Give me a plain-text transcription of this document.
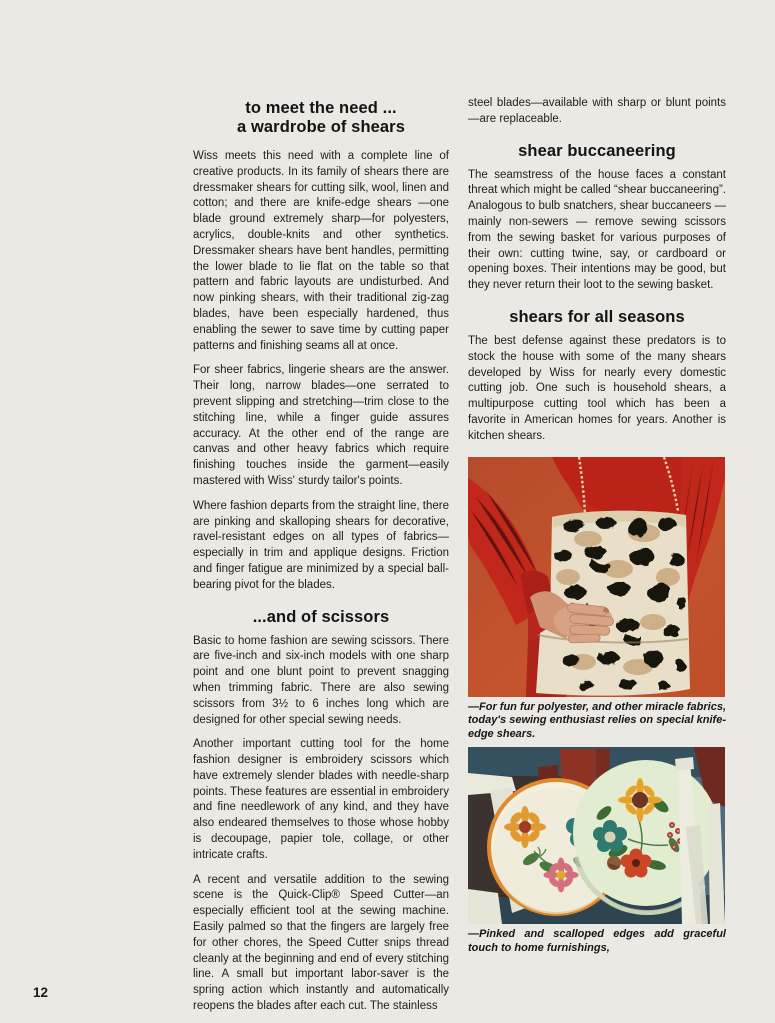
to meet the need ...
a wardrobe of shears

Wiss meets this need with a complete line of creative products. In its family of shears there are dressmaker shears for cutting silk, wool, linen and cotton; and there are knife-edge shears —one blade ground extremely sharp—for polyesters, acrylics, double-knits and other synthetics. Dressmaker shears have bent handles, permitting the lower blade to lie flat on the table so that pattern and fabric layouts are undisturbed. And now pinking shears, with their traditional zig-zag blades, have been especially hardened, thus enabling the sewer to save time by cutting paper patterns and finishing seams all at once.

For sheer fabrics, lingerie shears are the answer. Their long, narrow blades—one serrated to prevent slipping and stretching—trim close to the stitching line, while a finger guide assures accuracy. At the other end of the range are canvas and other heavy fabrics which require finishing touches inside the garment—easily mastered with Wiss' sturdy tailor's points.

Where fashion departs from the straight line, there are pinking and skalloping shears for decorative, ravel-resistant edges on all types of fabrics—especially in trim and applique designs. Friction and finger fatigue are minimized by a special ball-bearing pivot for the blades.

...and of scissors

Basic to home fashion are sewing scissors. There are five-inch and six-inch models with one sharp point and one blunt point to prevent snagging when trimming fabric. There are also sewing scissors from 3½ to 6 inches long which are designed for other special sewing needs.

Another important cutting tool for the home fashion designer is embroidery scissors which have extremely slender blades with needle-sharp points. These features are essential in embroidery and fine needlework of any kind, and they have also endeared themselves to those whose hobby is decoupage, papier tole, collage, or other intricate crafts.

A recent and versatile addition to the sewing scene is the Quick-Clip® Speed Cutter—an especially efficient tool at the sewing machine. Easily palmed so that the fingers are largely free for other chores, the Speed Cutter snips thread cleanly at the beginning and end of every stitching line. A small but important labor-saver is the spring action which instantly and automatically reopens the blades after each cut. The stainless

steel blades—available with sharp or blunt points —are replaceable.

shear buccaneering

The seamstress of the house faces a constant threat which might be called “shear buccaneering”. Analogous to bulb snatchers, shear buccaneers — mainly non-sewers — remove sewing scissors from the sewing basket for various purposes of their own: cutting twine, say, or cardboard or opening boxes. Their intentions may be good, but they never return their loot to the sewing basket.

shears for all seasons

The best defense against these predators is to stock the house with some of the many shears developed by Wiss for nearly every domestic cutting job. One such is household shears, a multipurpose cutting tool which has been a favorite in American homes for years. Another is kitchen shears.

—For fun fur polyester, and other miracle fabrics, today's sewing enthusiast relies on special knife-edge shears.

—Pinked and scalloped edges add graceful touch to home furnishings,

12
